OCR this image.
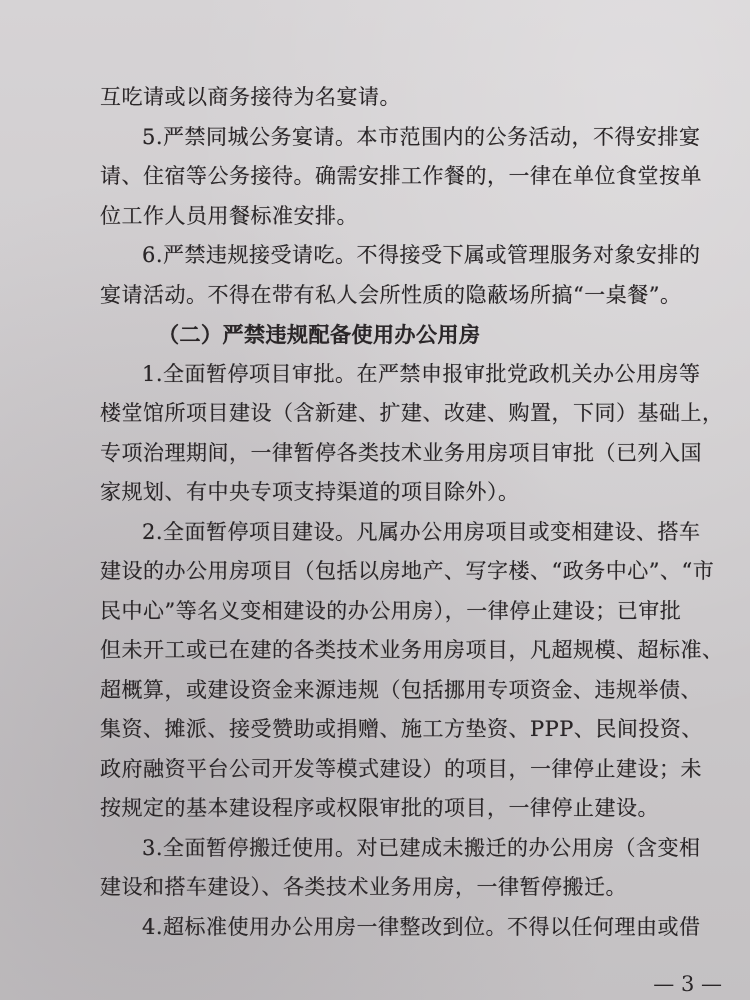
互吃请或以商务接待为名宴请。
5.严禁同城公务宴请。本市范围内的公务活动，不得安排宴
请、住宿等公务接待。确需安排工作餐的，一律在单位食堂按单
位工作人员用餐标准安排。
6.严禁违规接受请吃。不得接受下属或管理服务对象安排的
宴请活动。不得在带有私人会所性质的隐蔽场所搞“一桌餐”。
（二）严禁违规配备使用办公用房
1.全面暂停项目审批。在严禁申报审批党政机关办公用房等
楼堂馆所项目建设（含新建、扩建、改建、购置，下同）基础上，
专项治理期间，一律暂停各类技术业务用房项目审批（已列入国
家规划、有中央专项支持渠道的项目除外）。
2.全面暂停项目建设。凡属办公用房项目或变相建设、搭车
建设的办公用房项目（包括以房地产、写字楼、“政务中心”、“市
民中心”等名义变相建设的办公用房），一律停止建设；已审批
但未开工或已在建的各类技术业务用房项目，凡超规模、超标准、
超概算，或建设资金来源违规（包括挪用专项资金、违规举债、
集资、摊派、接受赞助或捐赠、施工方垫资、PPP、民间投资、
政府融资平台公司开发等模式建设）的项目，一律停止建设；未
按规定的基本建设程序或权限审批的项目，一律停止建设。
3.全面暂停搬迁使用。对已建成未搬迁的办公用房（含变相
建设和搭车建设）、各类技术业务用房，一律暂停搬迁。
4.超标准使用办公用房一律整改到位。不得以任何理由或借
— 3 —
